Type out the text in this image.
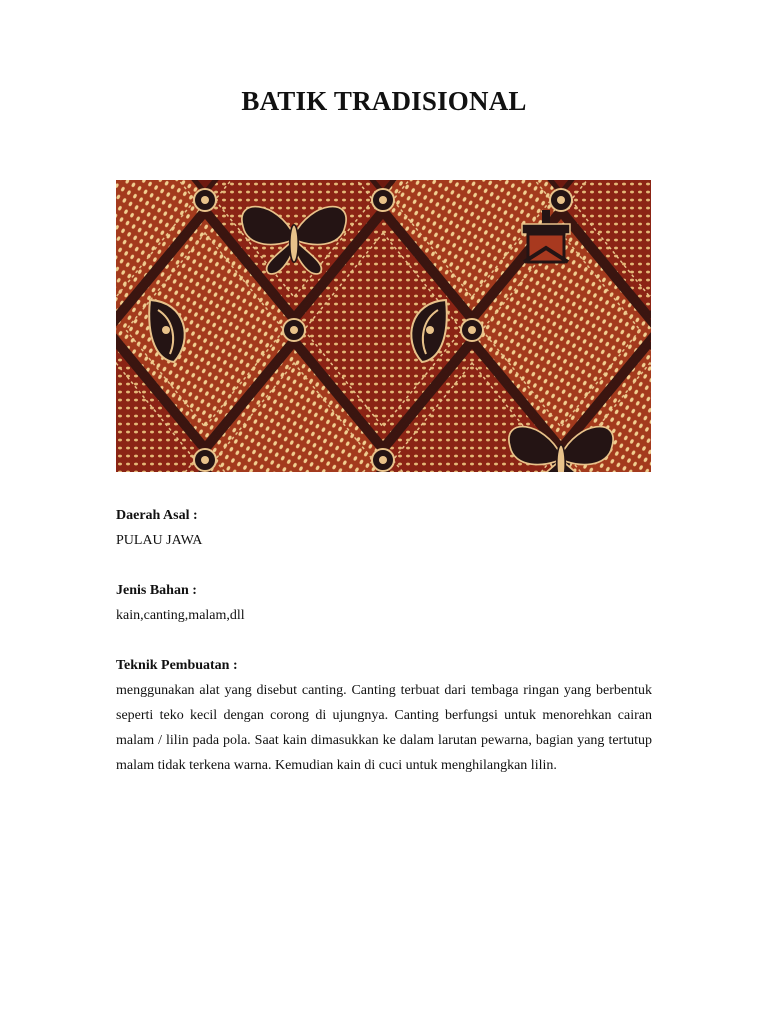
BATIK TRADISIONAL

Daerah Asal :

PULAU JAWA

Jenis Bahan :

kain,canting,malam,dll

Teknik Pembuatan :

menggunakan alat yang disebut canting. Canting terbuat dari tembaga ringan yang berbentuk seperti teko kecil dengan corong di ujungnya. Canting berfungsi untuk menorehkan cairan malam / lilin pada pola. Saat kain dimasukkan ke dalam larutan pewarna, bagian yang tertutup malam tidak terkena warna. Kemudian kain di cuci untuk menghilangkan lilin.
